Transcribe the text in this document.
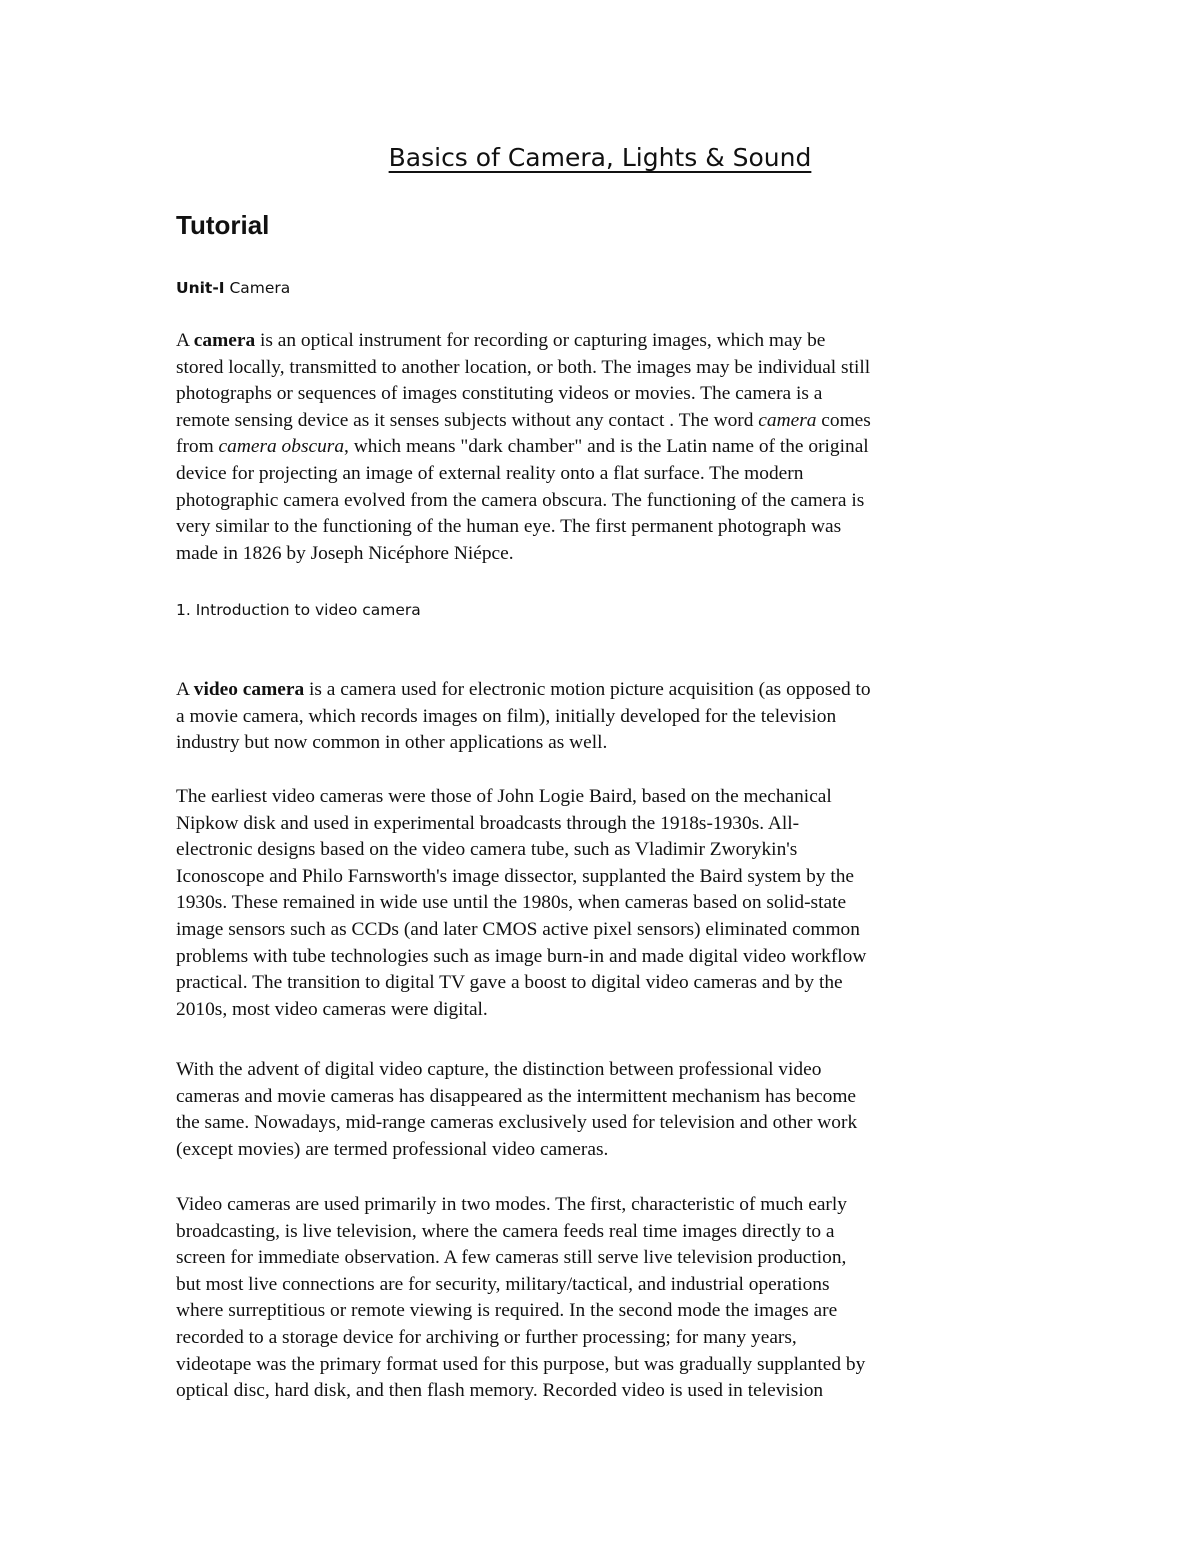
Basics of Camera, Lights & Sound
Tutorial
Unit-I Camera
A camera is an optical instrument for recording or capturing images, which may be
stored locally, transmitted to another location, or both. The images may be individual still
photographs or sequences of images constituting videos or movies. The camera is a
remote sensing device as it senses subjects without any contact . The word camera comes
from camera obscura, which means "dark chamber" and is the Latin name of the original
device for projecting an image of external reality onto a flat surface. The modern
photographic camera evolved from the camera obscura. The functioning of the camera is
very similar to the functioning of the human eye. The first permanent photograph was
made in 1826 by Joseph Nicéphore Niépce.
1. Introduction to video camera
A video camera is a camera used for electronic motion picture acquisition (as opposed to
a movie camera, which records images on film), initially developed for the television
industry but now common in other applications as well.
The earliest video cameras were those of John Logie Baird, based on the mechanical
Nipkow disk and used in experimental broadcasts through the 1918s-1930s. All-
electronic designs based on the video camera tube, such as Vladimir Zworykin's
Iconoscope and Philo Farnsworth's image dissector, supplanted the Baird system by the
1930s. These remained in wide use until the 1980s, when cameras based on solid-state
image sensors such as CCDs (and later CMOS active pixel sensors) eliminated common
problems with tube technologies such as image burn-in and made digital video workflow
practical. The transition to digital TV gave a boost to digital video cameras and by the
2010s, most video cameras were digital.
With the advent of digital video capture, the distinction between professional video
cameras and movie cameras has disappeared as the intermittent mechanism has become
the same. Nowadays, mid-range cameras exclusively used for television and other work
(except movies) are termed professional video cameras.
Video cameras are used primarily in two modes. The first, characteristic of much early
broadcasting, is live television, where the camera feeds real time images directly to a
screen for immediate observation. A few cameras still serve live television production,
but most live connections are for security, military/tactical, and industrial operations
where surreptitious or remote viewing is required. In the second mode the images are
recorded to a storage device for archiving or further processing; for many years,
videotape was the primary format used for this purpose, but was gradually supplanted by
optical disc, hard disk, and then flash memory. Recorded video is used in television
